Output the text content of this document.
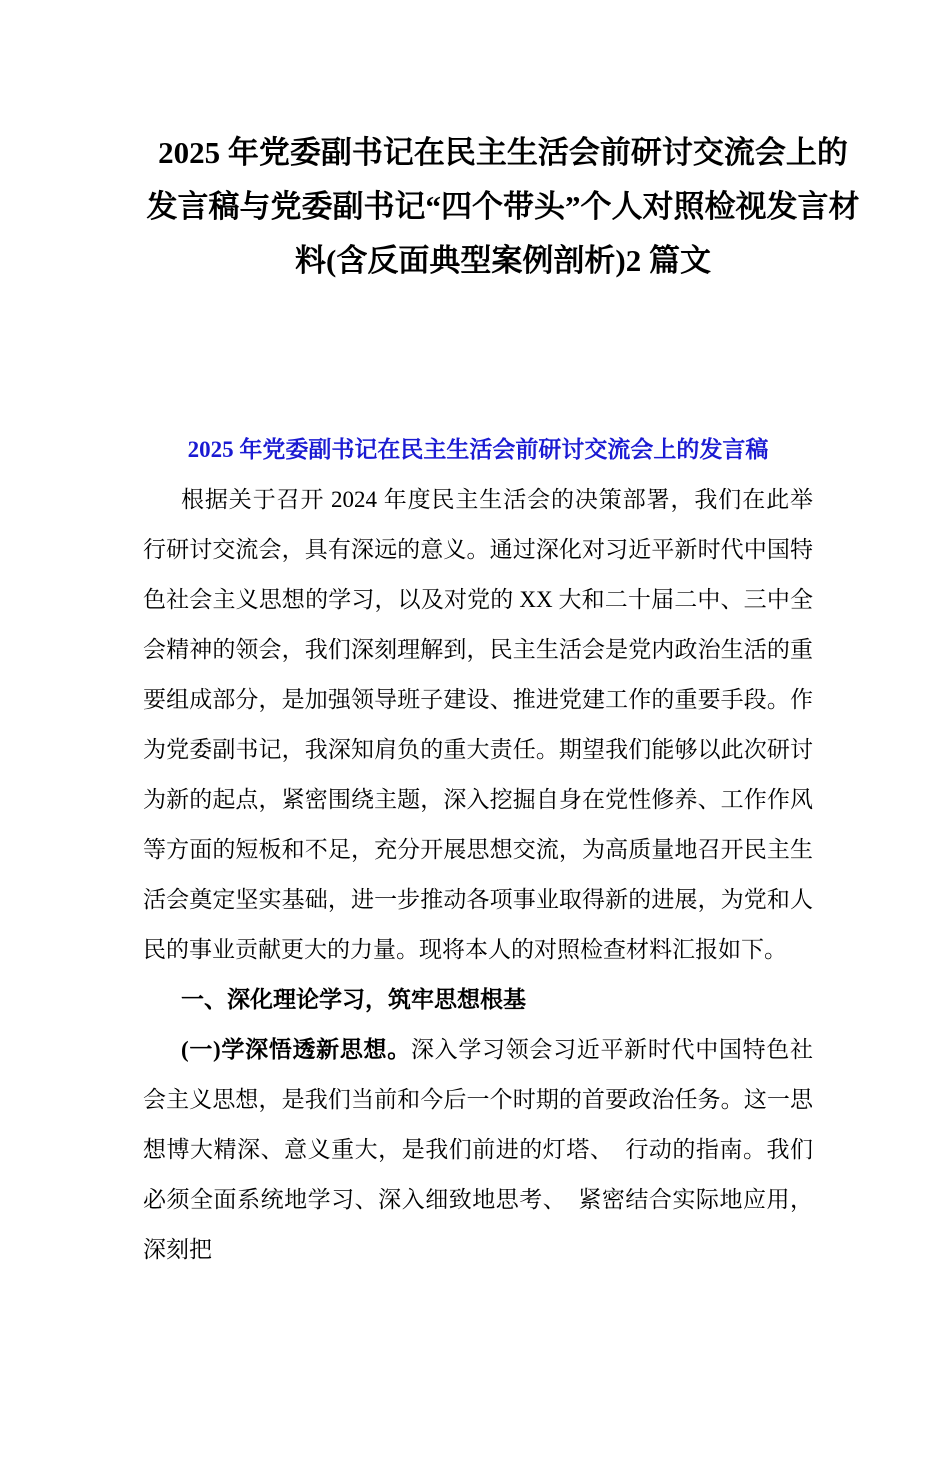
2025 年党委副书记在民主生活会前研讨交流会上的发言稿与党委副书记“四个带头”个人对照检视发言材料(含反面典型案例剖析)2 篇文
2025 年党委副书记在民主生活会前研讨交流会上的发言稿

根据关于召开 2024 年度民主生活会的决策部署，我们在此举行研讨交流会，具有深远的意义。通过深化对习近平新时代中国特色社会主义思想的学习，以及对党的 XX 大和二十届二中、三中全会精神的领会，我们深刻理解到，民主生活会是党内政治生活的重要组成部分，是加强领导班子建设、推进党建工作的重要手段。作为党委副书记，我深知肩负的重大责任。期望我们能够以此次研讨为新的起点，紧密围绕主题，深入挖掘自身在党性修养、工作作风等方面的短板和不足，充分开展思想交流，为高质量地召开民主生活会奠定坚实基础，进一步推动各项事业取得新的进展，为党和人民的事业贡献更大的力量。现将本人的对照检查材料汇报如下。

一、深化理论学习，筑牢思想根基

(一)学深悟透新思想。深入学习领会习近平新时代中国特色社会主义思想，是我们当前和今后一个时期的首要政治任务。这一思想博大精深、意义重大，是我们前进的灯塔、　行动的指南。我们必须全面系统地学习、深入细致地思考、　紧密结合实际地应用，深刻把
